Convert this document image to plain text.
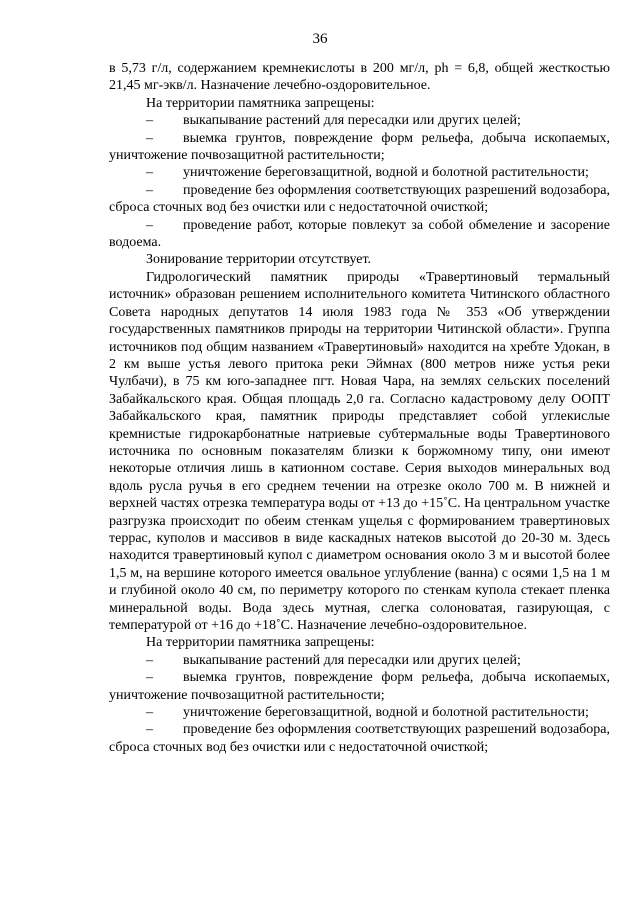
36

в 5,73 г/л, содержанием кремнекислоты в 200 мг/л, ph = 6,8, общей жесткостью 21,45 мг-экв/л. Назначение лечебно-оздоровительное.

На территории памятника запрещены:

– выкапывание растений для пересадки или других целей;

– выемка грунтов, повреждение форм рельефа, добыча ископаемых, уничтожение почвозащитной растительности;

– уничтожение береговзащитной, водной и болотной растительности;

– проведение без оформления соответствующих разрешений водозабора, сброса сточных вод без очистки или с недостаточной очисткой;

– проведение работ, которые повлекут за собой обмеление и засорение водоема.

Зонирование территории отсутствует.

Гидрологический памятник природы «Травертиновый термальный источник» образован решением исполнительного комитета Читинского областного Совета народных депутатов 14 июля 1983 года № 353 «Об утверждении государственных памятников природы на территории Читинской области». Группа источников под общим названием «Травертиновый» находится на хребте Удокан, в 2 км выше устья левого притока реки Эймнах (800 метров ниже устья реки Чулбачи), в 75 км юго-западнее пгт. Новая Чара, на землях сельских поселений Забайкальского края. Общая площадь 2,0 га. Согласно кадастровому делу ООПТ Забайкальского края, памятник природы представляет собой углекислые кремнистые гидрокарбонатные натриевые субтермальные воды Травертинового источника по основным показателям близки к боржомному типу, они имеют некоторые отличия лишь в катионном составе. Серия выходов минеральных вод вдоль русла ручья в его среднем течении на отрезке около 700 м. В нижней и верхней частях отрезка температура воды от +13 до +15˚С. На центральном участке разгрузка происходит по обеим стенкам ущелья с формированием травертиновых террас, куполов и массивов в виде каскадных натеков высотой до 20-30 м. Здесь находится травертиновый купол с диаметром основания около 3 м и высотой более 1,5 м, на вершине которого имеется овальное углубление (ванна) с осями 1,5 на 1 м и глубиной около 40 см, по периметру которого по стенкам купола стекает пленка минеральной воды. Вода здесь мутная, слегка солоноватая, газирующая, с температурой от +16 до +18˚С. Назначение лечебно-оздоровительное.

На территории памятника запрещены:

– выкапывание растений для пересадки или других целей;

– выемка грунтов, повреждение форм рельефа, добыча ископаемых, уничтожение почвозащитной растительности;

– уничтожение береговзащитной, водной и болотной растительности;

– проведение без оформления соответствующих разрешений водозабора, сброса сточных вод без очистки или с недостаточной очисткой;
